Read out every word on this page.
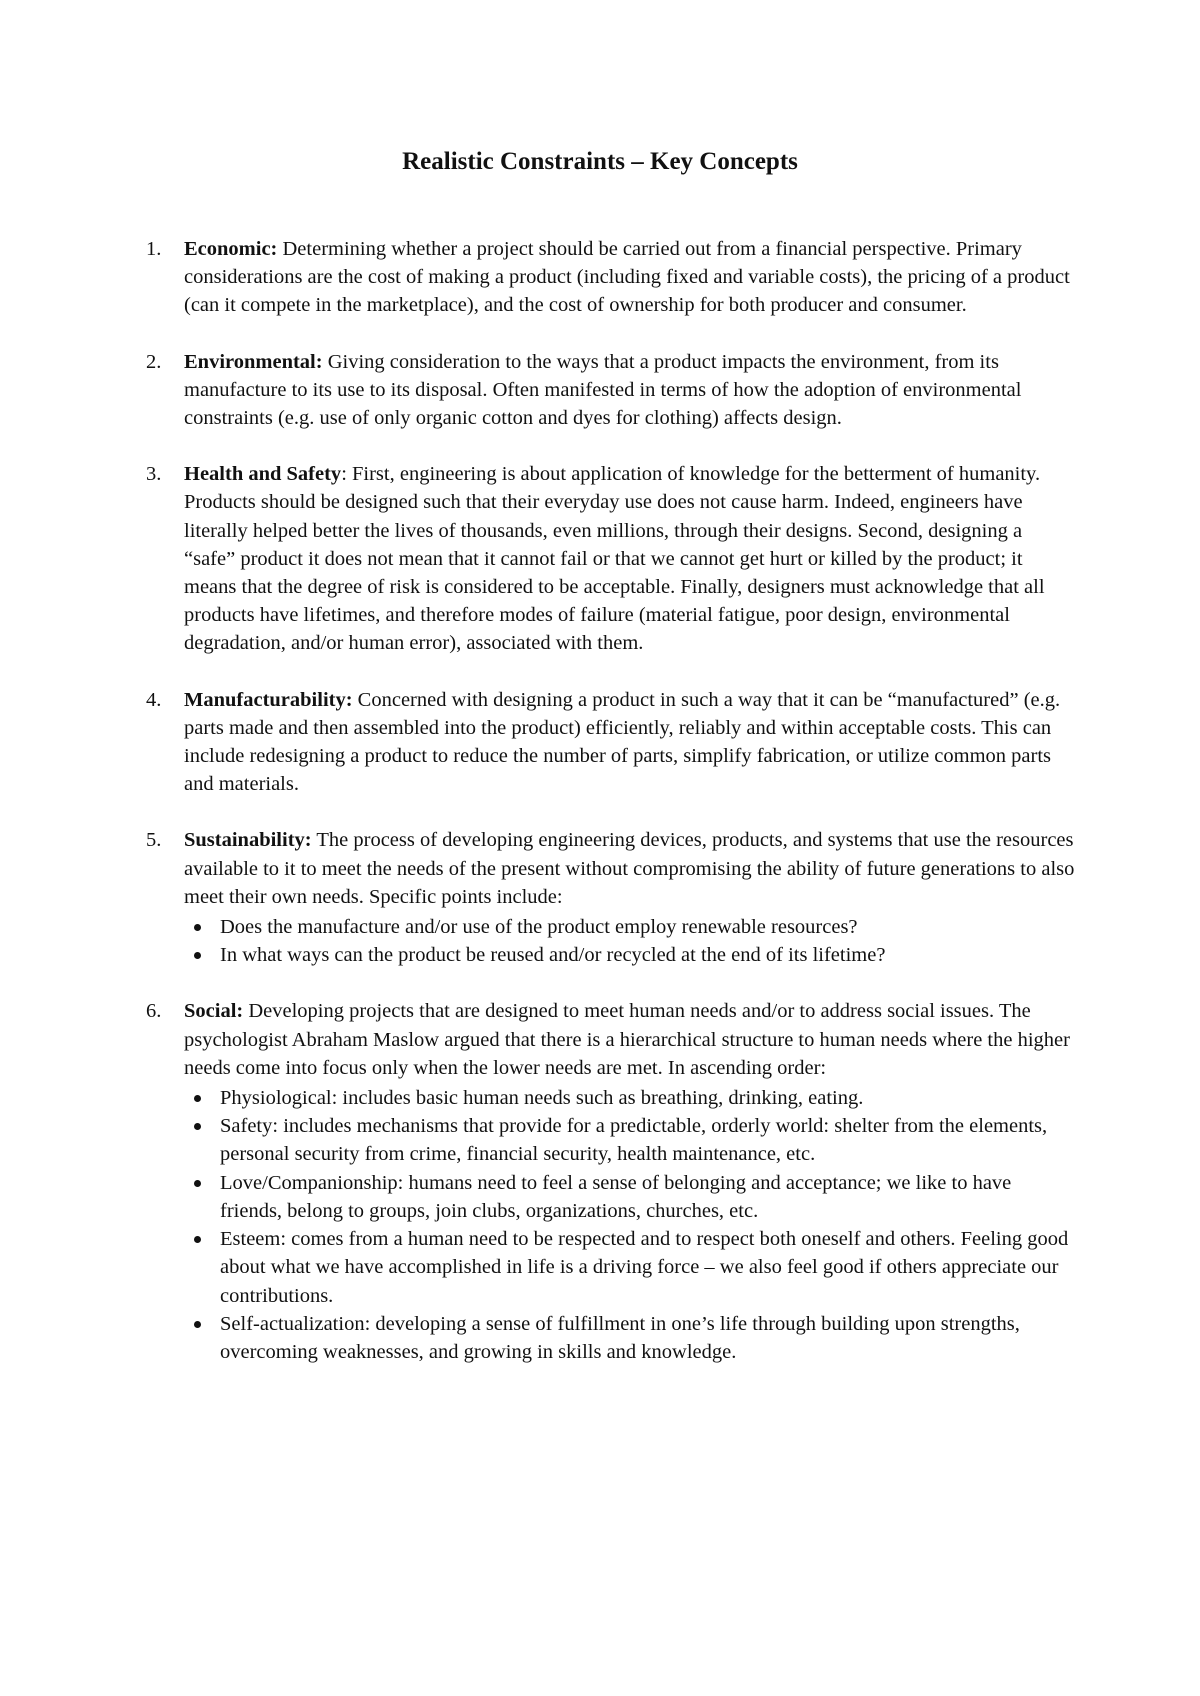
Realistic Constraints – Key Concepts
1. Economic: Determining whether a project should be carried out from a financial perspective. Primary considerations are the cost of making a product (including fixed and variable costs), the pricing of a product (can it compete in the marketplace), and the cost of ownership for both producer and consumer.
2. Environmental: Giving consideration to the ways that a product impacts the environment, from its manufacture to its use to its disposal. Often manifested in terms of how the adoption of environmental constraints (e.g. use of only organic cotton and dyes for clothing) affects design.
3. Health and Safety: First, engineering is about application of knowledge for the betterment of humanity. Products should be designed such that their everyday use does not cause harm. Indeed, engineers have literally helped better the lives of thousands, even millions, through their designs. Second, designing a “safe” product it does not mean that it cannot fail or that we cannot get hurt or killed by the product; it means that the degree of risk is considered to be acceptable. Finally, designers must acknowledge that all products have lifetimes, and therefore modes of failure (material fatigue, poor design, environmental degradation, and/or human error), associated with them.
4. Manufacturability: Concerned with designing a product in such a way that it can be “manufactured” (e.g. parts made and then assembled into the product) efficiently, reliably and within acceptable costs. This can include redesigning a product to reduce the number of parts, simplify fabrication, or utilize common parts and materials.
5. Sustainability: The process of developing engineering devices, products, and systems that use the resources available to it to meet the needs of the present without compromising the ability of future generations to also meet their own needs. Specific points include:
Does the manufacture and/or use of the product employ renewable resources?
In what ways can the product be reused and/or recycled at the end of its lifetime?
6. Social: Developing projects that are designed to meet human needs and/or to address social issues. The psychologist Abraham Maslow argued that there is a hierarchical structure to human needs where the higher needs come into focus only when the lower needs are met. In ascending order:
Physiological: includes basic human needs such as breathing, drinking, eating.
Safety: includes mechanisms that provide for a predictable, orderly world: shelter from the elements, personal security from crime, financial security, health maintenance, etc.
Love/Companionship: humans need to feel a sense of belonging and acceptance; we like to have friends, belong to groups, join clubs, organizations, churches, etc.
Esteem: comes from a human need to be respected and to respect both oneself and others. Feeling good about what we have accomplished in life is a driving force – we also feel good if others appreciate our contributions.
Self-actualization: developing a sense of fulfillment in one’s life through building upon strengths, overcoming weaknesses, and growing in skills and knowledge.
